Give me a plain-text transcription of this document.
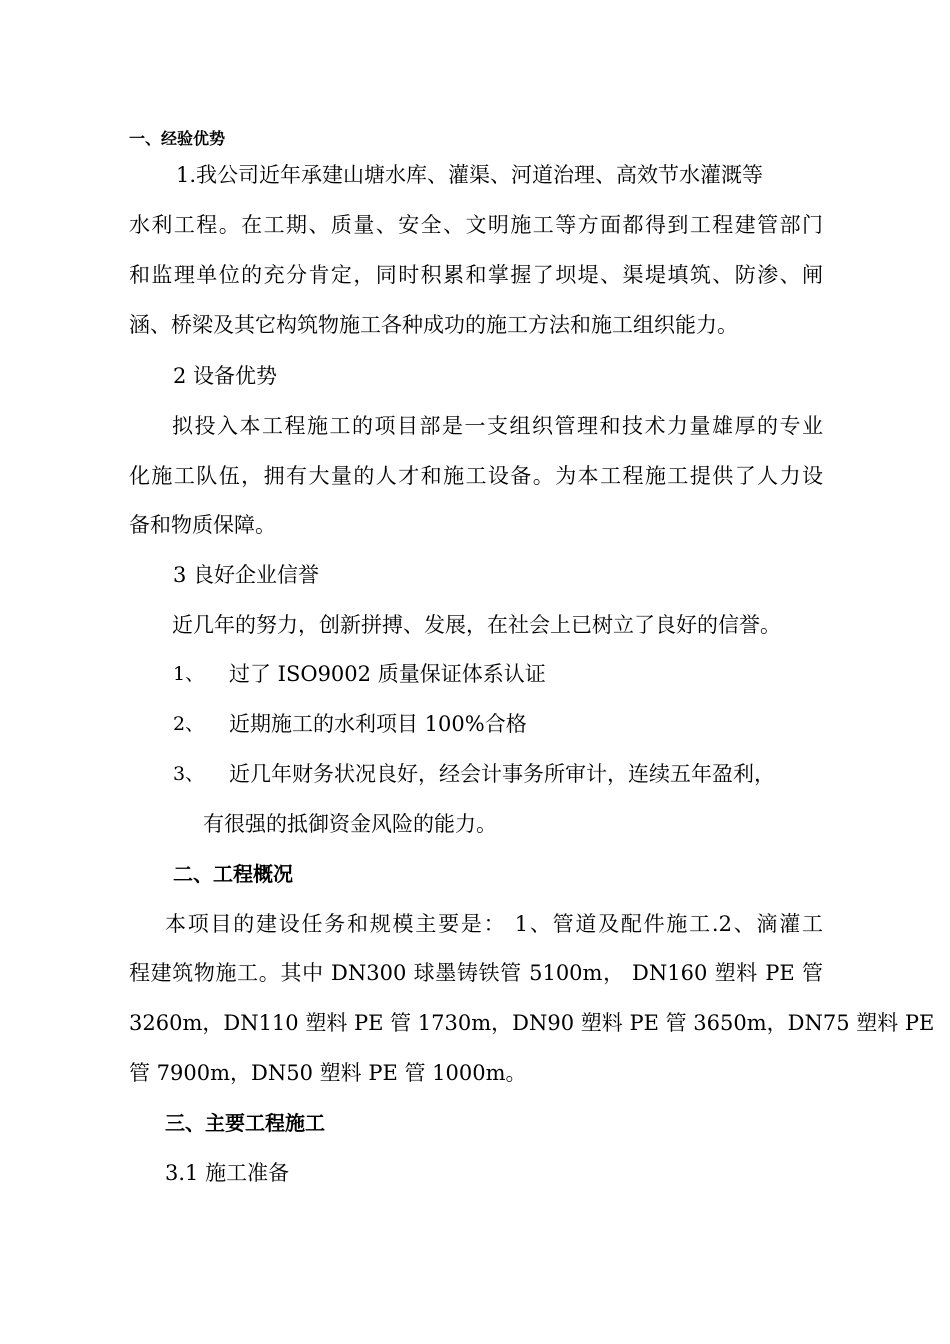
一、经验优势
1.我公司近年承建山塘水库、灌渠、河道治理、高效节水灌溉等
水利工程。在工期、质量、安全、文明施工等方面都得到工程建管部门
和监理单位的充分肯定，同时积累和掌握了坝堤、渠堤填筑、防渗、闸
涵、桥梁及其它构筑物施工各种成功的施工方法和施工组织能力。
2 设备优势
拟投入本工程施工的项目部是一支组织管理和技术力量雄厚的专业
化施工队伍，拥有大量的人才和施工设备。为本工程施工提供了人力设
备和物质保障。
3 良好企业信誉
近几年的努力，创新拼搏、发展，在社会上已树立了良好的信誉。
1、 过了 ISO9002 质量保证体系认证
2、 近期施工的水利项目 100%合格
3、 近几年财务状况良好，经会计事务所审计，连续五年盈利，
有很强的抵御资金风险的能力。
二、工程概况
本项目的建设任务和规模主要是： 1、管道及配件施工.2、滴灌工
程建筑物施工。其中 DN300 球墨铸铁管 5100m， DN160 塑料 PE 管
3260m，DN110 塑料 PE 管 1730m，DN90 塑料 PE 管 3650m，DN75 塑料 PE
管 7900m，DN50 塑料 PE 管 1000m。
三、主要工程施工
3.1 施工准备
